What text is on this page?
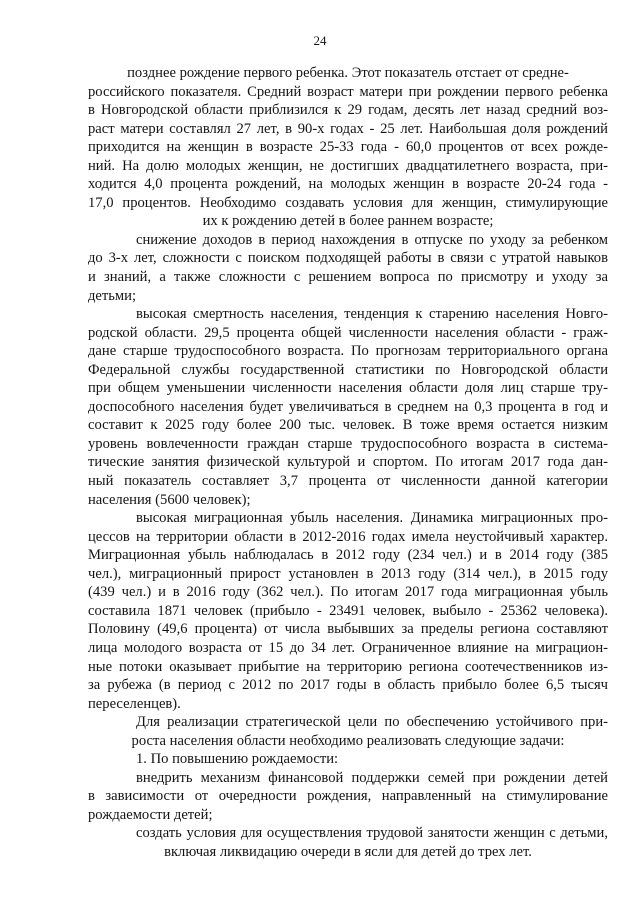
24
позднее рождение первого ребенка. Этот показатель отстает от средне-
российского показателя. Средний возраст матери при рождении первого ребенка
в Новгородской области приблизился к 29 годам, десять лет назад средний воз-
раст матери составлял 27 лет, в 90-х годах - 25 лет. Наибольшая доля рождений
приходится на женщин в возрасте 25-33 года - 60,0 процентов от всех рожде-
ний. На долю молодых женщин, не достигших двадцатилетнего возраста, при-
ходится 4,0 процента рождений, на молодых женщин в возрасте 20-24 года -
17,0 процентов. Необходимо создавать условия для женщин, стимулирующие
их к рождению детей в более раннем возрасте;
снижение доходов в период нахождения в отпуске по уходу за ребенком
до 3-х лет, сложности с поиском подходящей работы в связи с утратой навыков
и знаний, а также сложности с решением вопроса по присмотру и уходу за
детьми;
высокая смертность населения, тенденция к старению населения Новго-
родской области. 29,5 процента общей численности населения области - граж-
дане старше трудоспособного возраста. По прогнозам территориального органа
Федеральной службы государственной статистики по Новгородской области
при общем уменьшении численности населения области доля лиц старше тру-
доспособного населения будет увеличиваться в среднем на 0,3 процента в год и
составит к 2025 году более 200 тыс. человек. В тоже время остается низким
уровень вовлеченности граждан старше трудоспособного возраста в система-
тические занятия физической культурой и спортом. По итогам 2017 года дан-
ный показатель составляет 3,7 процента от численности данной категории
населения (5600 человек);
высокая миграционная убыль населения. Динамика миграционных про-
цессов на территории области в 2012-2016 годах имела неустойчивый характер.
Миграционная убыль наблюдалась в 2012 году (234 чел.) и в 2014 году (385
чел.), миграционный прирост установлен в 2013 году (314 чел.), в 2015 году
(439 чел.) и в 2016 году (362 чел.). По итогам 2017 года миграционная убыль
составила 1871 человек (прибыло - 23491 человек, выбыло - 25362 человека).
Половину (49,6 процента) от числа выбывших за пределы региона составляют
лица молодого возраста от 15 до 34 лет. Ограниченное влияние на миграцион-
ные потоки оказывает прибытие на территорию региона соотечественников из-
за рубежа (в период с 2012 по 2017 годы в область прибыло более 6,5 тысяч
переселенцев).
Для реализации стратегической цели по обеспечению устойчивого при-
роста населения области необходимо реализовать следующие задачи:
1. По повышению рождаемости:
внедрить механизм финансовой поддержки семей при рождении детей
в зависимости от очередности рождения, направленный на стимулирование
рождаемости детей;
создать условия для осуществления трудовой занятости женщин с детьми,
включая ликвидацию очереди в ясли для детей до трех лет.
